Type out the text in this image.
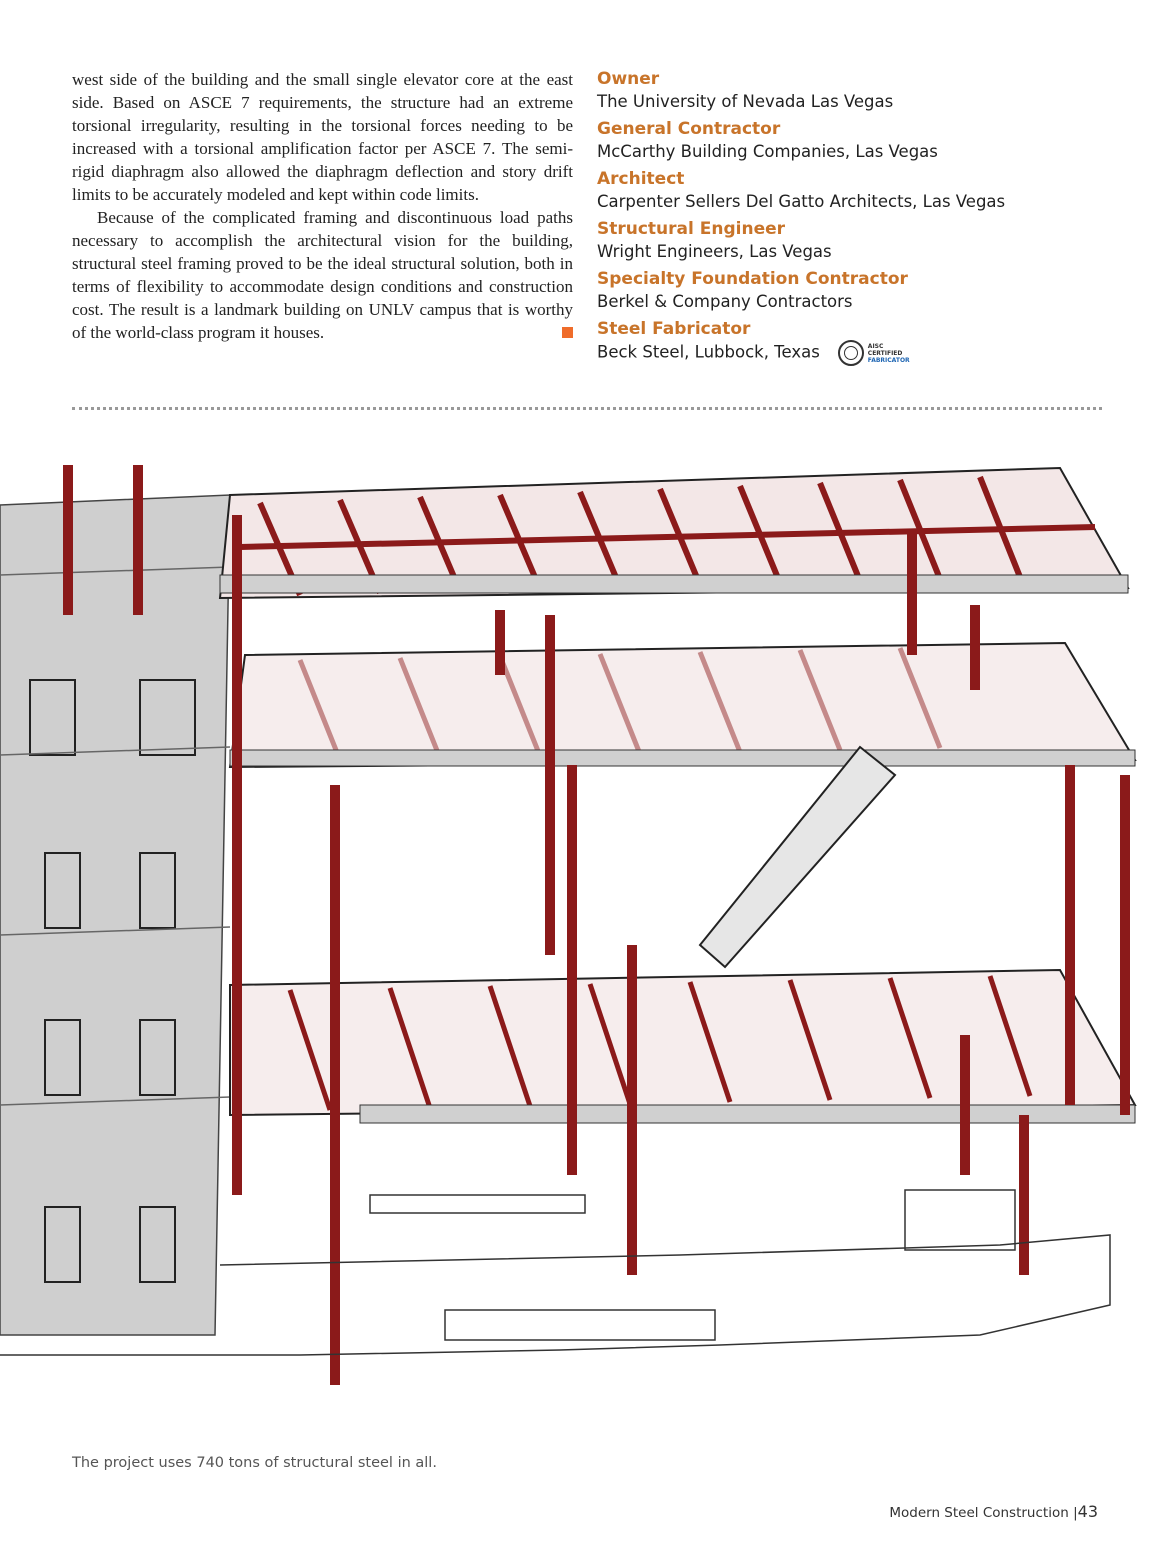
west side of the building and the small single elevator core at the east side. Based on ASCE 7 requirements, the structure had an extreme torsional irregularity, resulting in the torsional forces needing to be increased with a torsional amplification factor per ASCE 7. The semi-rigid diaphragm also allowed the diaphragm deflection and story drift limits to be accurately modeled and kept within code limits.

Because of the complicated framing and discontinuous load paths necessary to accomplish the architectural vision for the building, structural steel framing proved to be the ideal structural solution, both in terms of flexibility to accommodate design conditions and construction cost. The result is a landmark building on UNLV campus that is worthy of the world-class program it houses.

Owner
The University of Nevada Las Vegas
General Contractor
McCarthy Building Companies, Las Vegas
Architect
Carpenter Sellers Del Gatto Architects, Las Vegas
Structural Engineer
Wright Engineers, Las Vegas
Specialty Foundation Contractor
Berkel & Company Contractors
Steel Fabricator
Beck Steel, Lubbock, Texas	AISC
CERTIFIED
FABRICATOR
The project uses 740 tons of structural steel in all.
Modern Steel Construction |43
